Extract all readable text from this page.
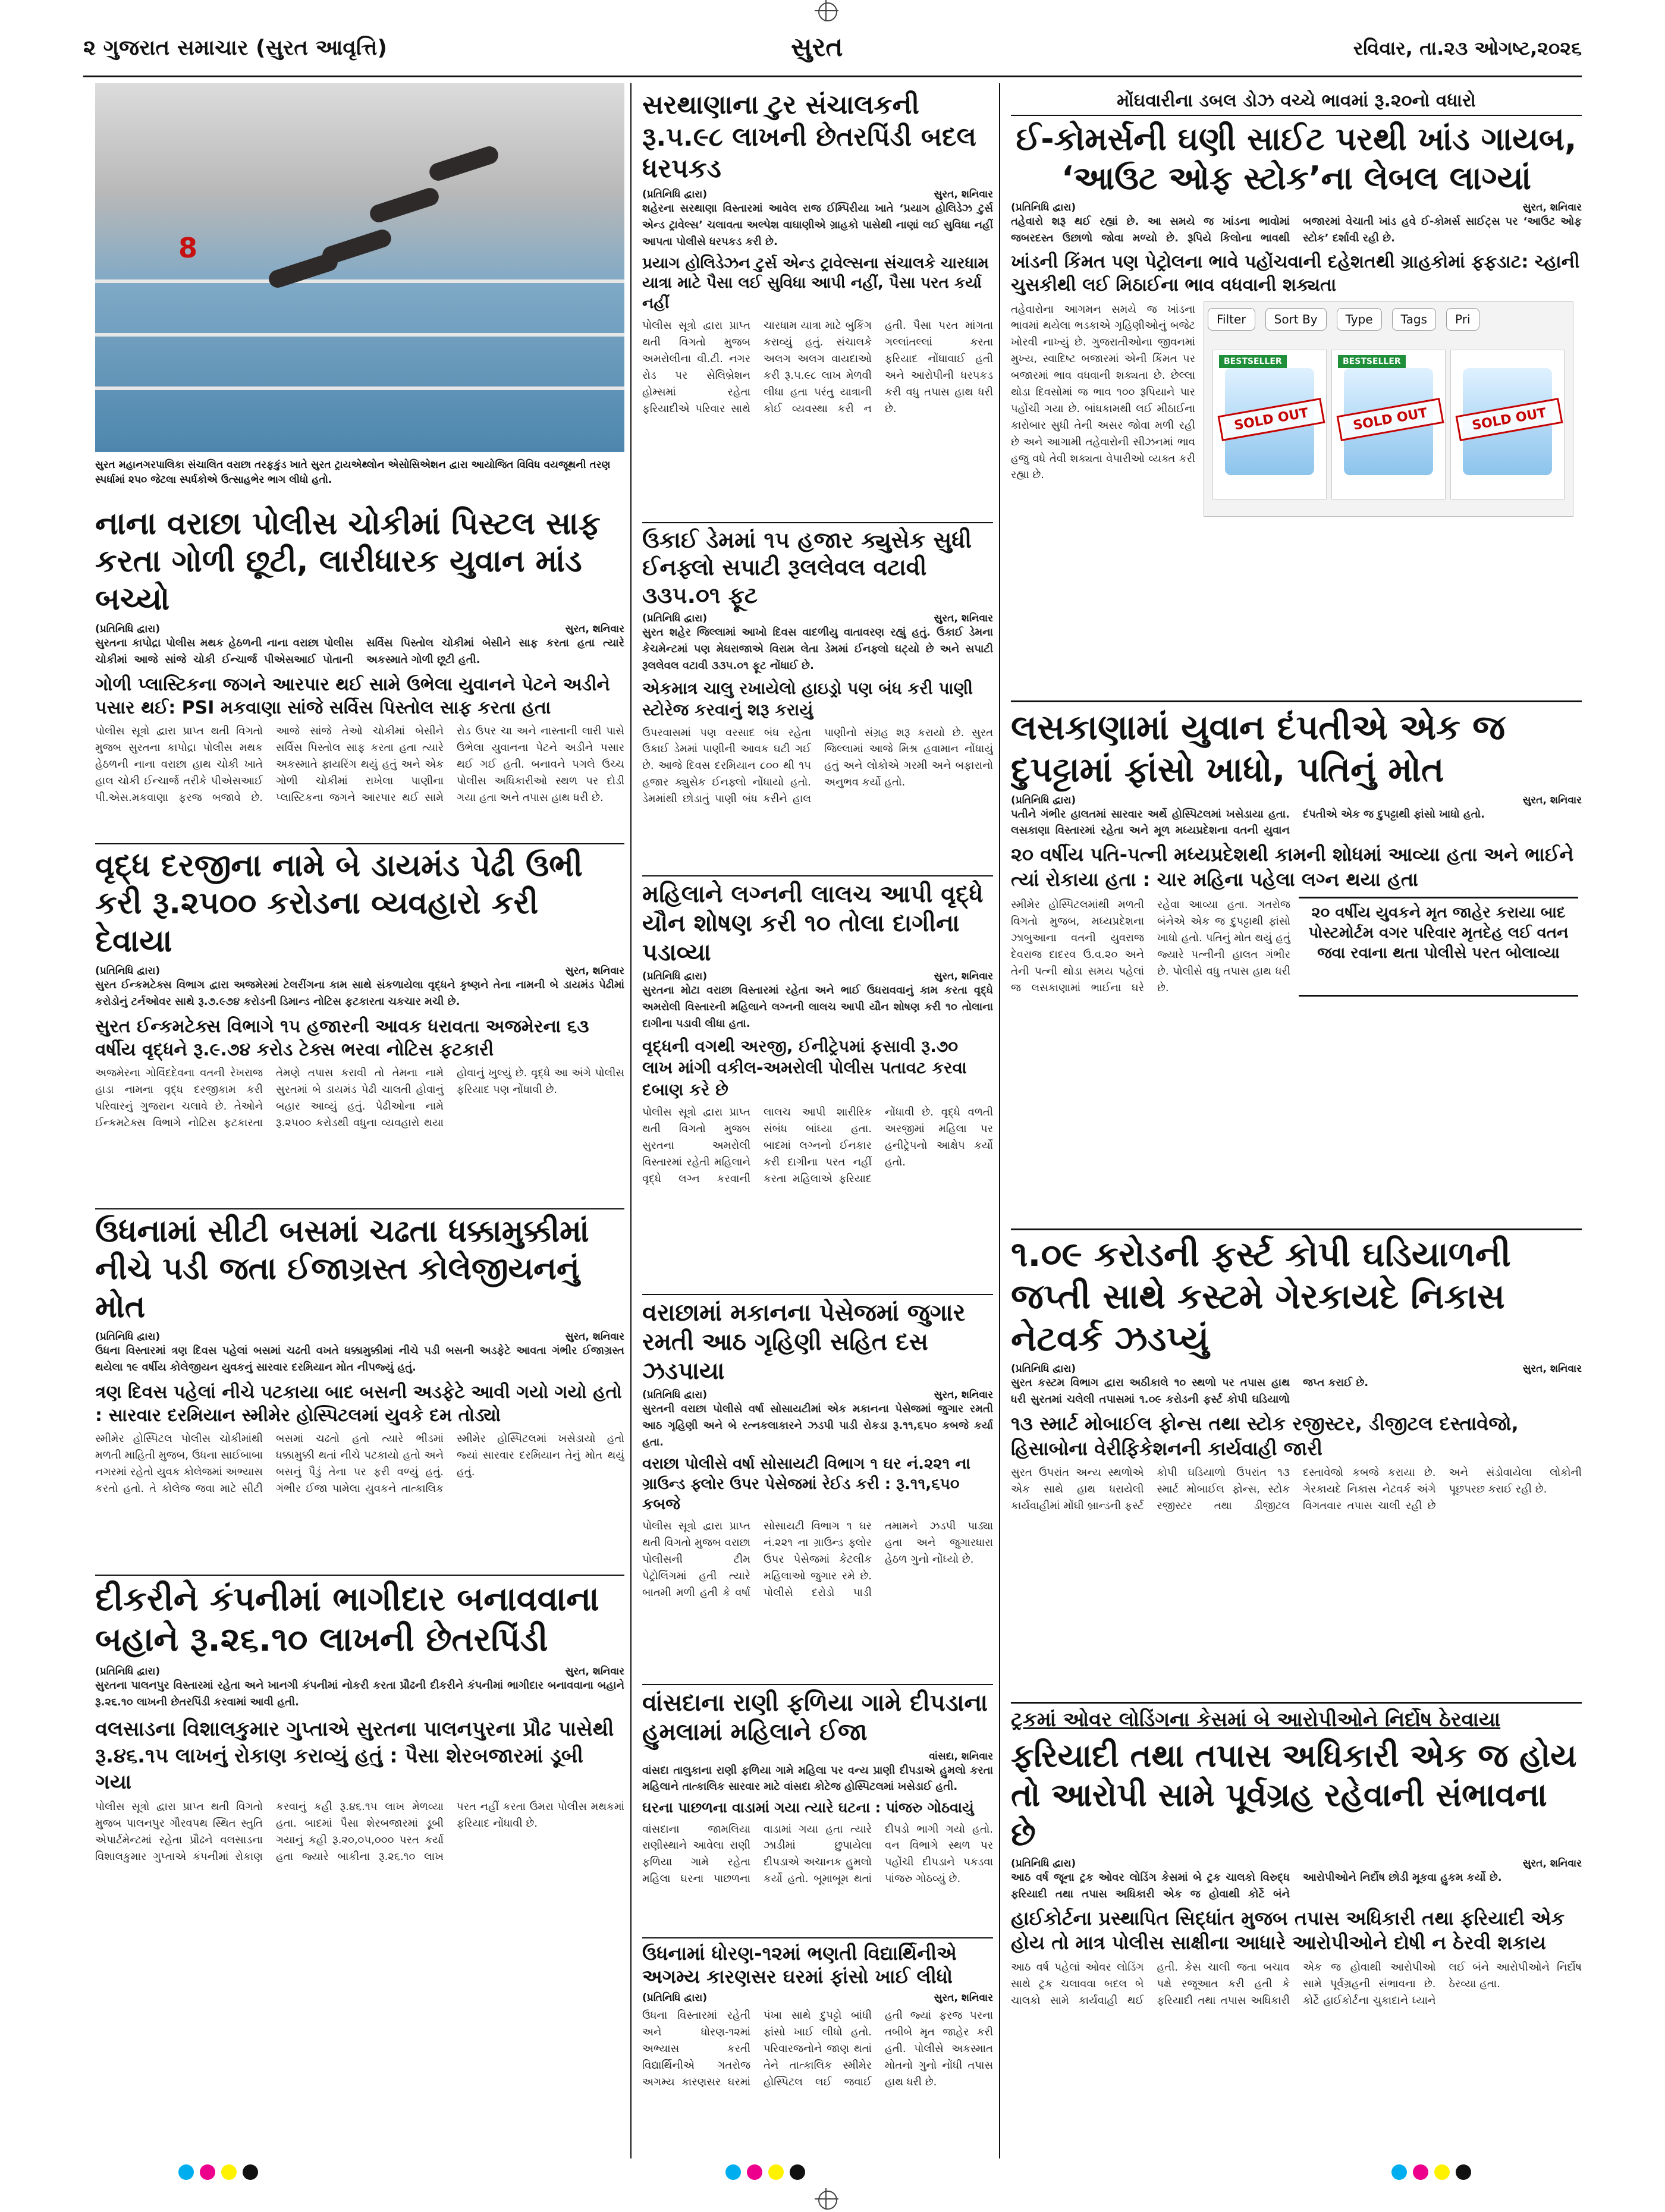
૨ ગુજરાત સમાચાર (સુરત આવૃત્તિ)	સુરત	રવિવાર, તા.૨૩ ઓગષ્ટ,૨૦૨૬
8
સુરત મહાનગરપાલિકા સંચાલિત વરાછા તરફકુંડ ખાતે સુરત ટ્રાયએથ્લોન એસોસિએશન દ્વારા આયોજિત વિવિધ વયજૂથની તરણ સ્પર્ધામાં ૨૫૦ જેટલા સ્પર્ધકોએ ઉત્સાહભેર ભાગ લીધો હતો.
નાના વરાછા પોલીસ ચોકીમાં પિસ્ટલ સાફ કરતા ગોળી છૂટી, લારીધારક યુવાન માંડ બચ્યો
(પ્રતિનિધિ દ્વારા)	સુરત, શનિવાર
સુરતના કાપોદ્રા પોલીસ મથક હેઠળની નાના વરાછા પોલીસ ચોકીમાં આજે સાંજે ચોકી ઈન્ચાર્જ પીએસઆઈ પોતાની સર્વિસ પિસ્તોલ ચોકીમાં બેસીને સાફ કરતા હતા ત્યારે અકસ્માતે ગોળી છૂટી હતી.
ગોળી પ્લાસ્ટિકના જગને આરપાર થઈ સામે ઉભેલા યુવાનને પેટને અડીને પસાર થઈ: PSI મકવાણા સાંજે સર્વિસ પિસ્તોલ સાફ કરતા હતા
પોલીસ સૂત્રો દ્વારા પ્રાપ્ત થતી વિગતો મુજબ સુરતના કાપોદ્રા પોલીસ મથક હેઠળની નાના વરાછા હાથ ચોકી ખાતે હાલ ચોકી ઈન્ચાર્જ તરીકે પીએસઆઈ પી.એસ.મકવાણા ફરજ બજાવે છે. આજે સાંજે તેઓ ચોકીમાં બેસીને સર્વિસ પિસ્તોલ સાફ કરતા હતા ત્યારે અકસ્માતે ફાયરિંગ થયું હતું અને એક ગોળી ચોકીમાં રાખેલા પાણીના પ્લાસ્ટિકના જગને આરપાર થઈ સામે રોડ ઉપર ચા અને નાસ્તાની લારી પાસે ઉભેલા યુવાનના પેટને અડીને પસાર થઈ ગઈ હતી. બનાવને પગલે ઉચ્ચ પોલીસ અધિકારીઓ સ્થળ પર દોડી ગયા હતા અને તપાસ હાથ ધરી છે.
વૃદ્ધ દરજીના નામે બે ડાયમંડ પેઢી ઉભી કરી રૂ.૨૫૦૦ કરોડના વ્યવહારો કરી દેવાયા
(પ્રતિનિધિ દ્વારા)	સુરત, શનિવાર
સુરત ઈન્કમટેક્સ વિભાગ દ્વારા અજમેરમાં ટેલરીંગના કામ સાથે સંકળાયેલા વૃદ્ધને કૃષ્ણને તેના નામની બે ડાયમંડ પેઢીમાં કરોડોનું ટર્નઓવર સાથે રૂ.૭.૯૭૪ કરોડની ડિમાન્ડ નોટિસ ફટકારતા ચકચાર મચી છે.
સુરત ઈન્કમટેક્સ વિભાગે ૧૫ હજારની આવક ધરાવતા અજમેરના ૬૩ વર્ષીય વૃદ્ધને રૂ.૯.૭૪ કરોડ ટેક્સ ભરવા નોટિસ ફટકારી
અજમેરના ગોવિંદદેવના વતની રેખરાજ હાડા નામના વૃદ્ધ દરજીકામ કરી પરિવારનું ગુજરાન ચલાવે છે. તેઓને ઈન્કમટેક્સ વિભાગે નોટિસ ફટકારતા તેમણે તપાસ કરાવી તો તેમના નામે સુરતમાં બે ડાયમંડ પેઢી ચાલતી હોવાનું બહાર આવ્યું હતું. પેઢીઓના નામે રૂ.૨૫૦૦ કરોડથી વધુના વ્યવહારો થયા હોવાનું ખુલ્યું છે. વૃદ્ધે આ અંગે પોલીસ ફરિયાદ પણ નોંધાવી છે.
ઉધનામાં સીટી બસમાં ચઢતા ધક્કામુક્કીમાં નીચે પડી જતા ઈજાગ્રસ્ત કોલેજીયનનું મોત
(પ્રતિનિધિ દ્વારા)	સુરત, શનિવાર
ઉધના વિસ્તારમાં ત્રણ દિવસ પહેલાં બસમાં ચઢતી વખતે ધક્કામુક્કીમાં નીચે પડી બસની અડફેટે આવતા ગંભીર ઈજાગ્રસ્ત થયેલા ૧૯ વર્ષીય કોલેજીયન યુવકનું સારવાર દરમિયાન મોત નીપજ્યું હતું.
ત્રણ દિવસ પહેલાં નીચે પટકાયા બાદ બસની અડફેટે આવી ગયો ગયો હતો : સારવાર દરમિયાન સ્મીમેર હોસ્પિટલમાં યુવકે દમ તોડ્યો
સ્મીમેર હોસ્પિટલ પોલીસ ચોકીમાંથી મળતી માહિતી મુજબ, ઉધના સાઈબાબા નગરમાં રહેતો યુવક કોલેજમાં અભ્યાસ કરતો હતો. તે કોલેજ જવા માટે સીટી બસમાં ચઢતો હતો ત્યારે ભીડમાં ધક્કામુક્કી થતાં નીચે પટકાયો હતો અને બસનું પૈડું તેના પર ફરી વળ્યું હતું. ગંભીર ઈજા પામેલા યુવકને તાત્કાલિક સ્મીમેર હોસ્પિટલમાં ખસેડાયો હતો જ્યાં સારવાર દરમિયાન તેનું મોત થયું હતું.
દીકરીને કંપનીમાં ભાગીદાર બનાવવાના બહાને રૂ.૨૬.૧૦ લાખની છેતરપિંડી
(પ્રતિનિધિ દ્વારા)	સુરત, શનિવાર
સુરતના પાલનપુર વિસ્તારમાં રહેતા અને ખાનગી કંપનીમાં નોકરી કરતા પ્રૌઢની દીકરીને કંપનીમાં ભાગીદાર બનાવવાના બહાને રૂ.૨૬.૧૦ લાખની છેતરપિંડી કરવામાં આવી હતી.
વલસાડના વિશાલકુમાર ગુપ્તાએ સુરતના પાલનપુરના પ્રૌઢ પાસેથી રૂ.૪૬.૧૫ લાખનું રોકાણ કરાવ્યું હતું : પૈસા શેરબજારમાં ડૂબી ગયા
પોલીસ સૂત્રો દ્વારા પ્રાપ્ત થતી વિગતો મુજબ પાલનપુર ગૌરવપથ સ્થિત સ્તુતિ એપાર્ટમેન્ટમાં રહેતા પ્રૌઢને વલસાડના વિશાલકુમાર ગુપ્તાએ કંપનીમાં રોકાણ કરવાનું કહી રૂ.૪૬.૧૫ લાખ મેળવ્યા હતા. બાદમાં પૈસા શેરબજારમાં ડૂબી ગયાનું કહી રૂ.૨૦,૦૫,૦૦૦ પરત કર્યા હતા જ્યારે બાકીના રૂ.૨૬.૧૦ લાખ પરત નહીં કરતા ઉમરા પોલીસ મથકમાં ફરિયાદ નોંધાવી છે.
સરથાણાના ટુર સંચાલકની રૂ.૫.૯૮ લાખની છેતરપિંડી બદલ ધરપકડ
(પ્રતિનિધિ દ્વારા)	સુરત, શનિવાર
શહેરના સરથાણા વિસ્તારમાં આવેલ રાજ ઈમ્પિરીયા ખાતે ‘પ્રયાગ હોલિડેઝ ટુર્સ એન્ડ ટ્રાવેલ્સ’ ચલાવતા અલ્પેશ વાઘાણીએ ગ્રાહકો પાસેથી નાણાં લઈ સુવિધા નહીં આપતા પોલીસે ધરપકડ કરી છે.
પ્રયાગ હોલિડેઝન ટુર્સ એન્ડ ટ્રાવેલ્સના સંચાલકે ચારધામ યાત્રા માટે પૈસા લઈ સુવિધા આપી નહીં, પૈસા પરત કર્યા નહીં
પોલીસ સૂત્રો દ્વારા પ્રાપ્ત થતી વિગતો મુજબ અમરોલીના વી.ટી. નગર રોડ પર સેલિબ્રેશન હોમ્સમાં રહેતા ફરિયાદીએ પરિવાર સાથે ચારધામ યાત્રા માટે બુકિંગ કરાવ્યું હતું. સંચાલકે અલગ અલગ વાયદાઓ કરી રૂ.૫.૯૮ લાખ મેળવી લીધા હતા પરંતુ યાત્રાની કોઈ વ્યવસ્થા કરી ન હતી. પૈસા પરત માંગતા ગલ્લાંતલ્લાં કરતા ફરિયાદ નોંધાવાઈ હતી અને આરોપીની ધરપકડ કરી વધુ તપાસ હાથ ધરી છે.
ઉકાઈ ડેમમાં ૧૫ હજાર ક્યુસેક સુધી ઈનફ્લો સપાટી રૂલલેવલ વટાવી ૩૩૫.૦૧ ફૂટ
(પ્રતિનિધિ દ્વારા)	સુરત, શનિવાર
સુરત શહેર જિલ્લામાં આખો દિવસ વાદળીયુ વાતાવરણ રહ્યું હતું. ઉકાઈ ડેમના કેચમેન્ટમાં પણ મેઘરાજાએ વિરામ લેતા ડેમમાં ઈનફ્લો ઘટ્યો છે અને સપાટી રૂલલેવલ વટાવી ૩૩૫.૦૧ ફૂટ નોંધાઈ છે.
એકમાત્ર ચાલુ રખાયેલો હાઇડ્રો પણ બંધ કરી પાણી સ્ટોરેજ કરવાનું શરૂ કરાયું
ઉપરવાસમાં પણ વરસાદ બંધ રહેતા ઉકાઈ ડેમમાં પાણીની આવક ઘટી ગઈ છે. આજે દિવસ દરમિયાન ૮૦૦ થી ૧૫ હજાર ક્યુસેક ઈનફ્લો નોંધાયો હતો. ડેમમાંથી છોડાતું પાણી બંધ કરીને હાલ પાણીનો સંગ્રહ શરૂ કરાયો છે. સુરત જિલ્લામાં આજે મિશ્ર હવામાન નોંધાયું હતું અને લોકોએ ગરમી અને બફારાનો અનુભવ કર્યો હતો.
મહિલાને લગ્નની લાલચ આપી વૃદ્ધે યૌન શોષણ કરી ૧૦ તોલા દાગીના પડાવ્યા
(પ્રતિનિધિ દ્વારા)	સુરત, શનિવાર
સુરતના મોટા વરાછા વિસ્તારમાં રહેતા અને ભાઈ ઉધરાવવાનું કામ કરતા વૃદ્ધે અમરોલી વિસ્તારની મહિલાને લગ્નની લાલચ આપી યૌન શોષણ કરી ૧૦ તોલાના દાગીના પડાવી લીધા હતા.
વૃદ્ધની વગથી અરજી, ઈનીટ્રેપમાં ફસાવી રૂ.૭૦ લાખ માંગી વકીલ-અમરોલી પોલીસ પતાવટ કરવા દબાણ કરે છે
પોલીસ સૂત્રો દ્વારા પ્રાપ્ત થતી વિગતો મુજબ સુરતના અમરોલી વિસ્તારમાં રહેતી મહિલાને વૃદ્ધે લગ્ન કરવાની લાલચ આપી શારીરિક સંબંધ બાંધ્યા હતા. બાદમાં લગ્નનો ઈનકાર કરી દાગીના પરત નહીં કરતા મહિલાએ ફરિયાદ નોંધાવી છે. વૃદ્ધે વળતી અરજીમાં મહિલા પર હનીટ્રેપનો આક્ષેપ કર્યો હતો.
વરાછામાં મકાનના પેસેજમાં જુગાર રમતી આઠ ગૃહિણી સહિત દસ ઝડપાયા
(પ્રતિનિધિ દ્વારા)	સુરત, શનિવાર
સુરતની વરાછા પોલીસે વર્ષા સોસાયટીમાં એક મકાનના પેસેજમાં જુગાર રમતી આઠ ગૃહિણી અને બે રત્નકલાકારને ઝડપી પાડી રોકડા રૂ.૧૧,૬૫૦ કબજે કર્યા હતા.
વરાછા પોલીસે વર્ષા સોસાયટી વિભાગ ૧ ઘર નં.૨૨૧ ના ગ્રાઉન્ડ ફ્લોર ઉપર પેસેજમાં રેઈડ કરી : રૂ.૧૧,૬૫૦ કબજે
પોલીસ સૂત્રો દ્વારા પ્રાપ્ત થતી વિગતો મુજબ વરાછા પોલીસની ટીમ પેટ્રોલિંગમાં હતી ત્યારે બાતમી મળી હતી કે વર્ષા સોસાયટી વિભાગ ૧ ઘર નં.૨૨૧ ના ગ્રાઉન્ડ ફ્લોર ઉપર પેસેજમાં કેટલીક મહિલાઓ જુગાર રમે છે. પોલીસે દરોડો પાડી તમામને ઝડપી પાડ્યા હતા અને જુગારધારા હેઠળ ગુનો નોંધ્યો છે.
વાંસદાના રાણી ફળિયા ગામે દીપડાના હુમલામાં મહિલાને ઈજા
વાંસદા, શનિવાર
વાંસદા તાલુકાના રાણી ફળિયા ગામે મહિલા પર વન્ય પ્રાણી દીપડાએ હુમલો કરતા મહિલાને તાત્કાલિક સારવાર માટે વાંસદા કોટેજ હોસ્પિટલમાં ખસેડાઈ હતી.
ઘરના પાછળના વાડામાં ગયા ત્યારે ઘટના : પાંજરુ ગોઠવાયું
વાંસદાના જામલિયા રાણીસ્થાને આવેલા રાણી ફળિયા ગામે રહેતા મહિલા ઘરના પાછળના વાડામાં ગયા હતા ત્યારે ઝાડીમાં છુપાયેલા દીપડાએ અચાનક હુમલો કર્યો હતો. બૂમાબૂમ થતાં દીપડો ભાગી ગયો હતો. વન વિભાગે સ્થળ પર પહોંચી દીપડાને પકડવા પાંજરુ ગોઠવ્યું છે.
ઉધનામાં ધોરણ-૧૨માં ભણતી વિદ્યાર્થિનીએ અગમ્ય કારણસર ઘરમાં ફાંસો ખાઈ લીધો
(પ્રતિનિધિ દ્વારા)	સુરત, શનિવાર
ઉધના વિસ્તારમાં રહેતી અને ધોરણ-૧૨માં અભ્યાસ કરતી વિદ્યાર્થિનીએ ગતરોજ અગમ્ય કારણસર ઘરમાં પંખા સાથે દુપટ્ટો બાંધી ફાંસો ખાઈ લીધો હતો. પરિવારજનોને જાણ થતાં તેને તાત્કાલિક સ્મીમેર હોસ્પિટલ લઈ જવાઈ હતી જ્યાં ફરજ પરના તબીબે મૃત જાહેર કરી હતી. પોલીસે અકસ્માત મોતનો ગુનો નોંધી તપાસ હાથ ધરી છે.
મોંઘવારીના ડબલ ડોઝ વચ્ચે ભાવમાં રૂ.૨૦નો વધારો
ઈ-કોમર્સની ઘણી સાઈટ પરથી ખાંડ ગાયબ, ‘આઉટ ઓફ સ્ટોક’ના લેબલ લાગ્યાં
(પ્રતિનિધિ દ્વારા)	સુરત, શનિવાર
તહેવારો શરૂ થઈ રહ્યાં છે. આ સમયે જ ખાંડના ભાવોમાં જબરદસ્ત ઉછાળો જોવા મળ્યો છે. રૂપિયે કિલોના ભાવથી બજારમાં વેચાતી ખાંડ હવે ઈ-કોમર્સ સાઈટ્સ પર ‘આઉટ ઓફ સ્ટોક’ દર્શાવી રહી છે.
ખાંડની કિંમત પણ પેટ્રોલના ભાવે પહોંચવાની દહેશતથી ગ્રાહકોમાં ફફડાટ: ચ્હાની ચુસકીથી લઈ મિઠાઈના ભાવ વધવાની શક્યતા
તહેવારોના આગમન સમયે જ ખાંડના ભાવમાં થયેલા ભડકાએ ગૃહિણીઓનું બજેટ ખોરવી નાખ્યું છે. ગુજરાતીઓના જીવનમાં મુખ્ય, સ્વાદિષ્ટ બજારમાં એની કિંમત પર બજારમાં ભાવ વધવાની શક્યતા છે. છેલ્લા થોડા દિવસોમાં જ ભાવ ૧૦૦ રૂપિયાને પાર પહોંચી ગયા છે. બાંધકામથી લઈ મીઠાઈના કારોબાર સુધી તેની અસર જોવા મળી રહી છે અને આગામી તહેવારોની સીઝનમાં ભાવ હજુ વધે તેવી શક્યતા વેપારીઓ વ્યક્ત કરી રહ્યા છે.
Filter Sort By Type Tags Pri
BESTSELLER
SOLD OUT
BESTSELLER
SOLD OUT	SOLD OUT
લસકાણામાં યુવાન દંપતીએ એક જ દુપટ્ટામાં ફાંસો ખાધો, પતિનું મોત
(પ્રતિનિધિ દ્વારા)	સુરત, શનિવાર
પતીને ગંભીર હાલતમાં સારવાર અર્થે હોસ્પિટલમાં ખસેડાયા હતા. લસકાણા વિસ્તારમાં રહેતા અને મૂળ મધ્યપ્રદેશના વતની યુવાન દંપતીએ એક જ દુપટ્ટાથી ફાંસો ખાધો હતો.
૨૦ વર્ષીય પતિ-પત્ની મધ્યપ્રદેશથી કામની શોધમાં આવ્યા હતા અને ભાઈને ત્યાં રોકાયા હતા : ચાર મહિના પહેલા લગ્ન થયા હતા
સ્મીમેર હોસ્પિટલમાંથી મળતી વિગતો મુજબ, મધ્યપ્રદેશના ઝાબુઆના વતની યુવરાજ દેવરાજ દાદરવ ઉ.વ.૨૦ અને તેની પત્ની થોડા સમય પહેલાં જ લસકાણામાં ભાઈના ઘરે રહેવા આવ્યા હતા. ગતરોજ બંનેએ એક જ દુપટ્ટાથી ફાંસો ખાધો હતો. પતિનું મોત થયું હતું જ્યારે પત્નીની હાલત ગંભીર છે. પોલીસે વધુ તપાસ હાથ ધરી છે.
૨૦ વર્ષીય યુવકને મૃત જાહેર કરાયા બાદ પોસ્ટમોર્ટમ વગર પરિવાર મૃતદેહ લઈ વતન જવા રવાના થતા પોલીસે પરત બોલાવ્યા
૧.૦૯ કરોડની ફર્સ્ટ કોપી ઘડિયાળની જપ્તી સાથે કસ્ટમે ગેરકાયદે નિકાસ નેટવર્ક ઝડપ્યું
(પ્રતિનિધિ દ્વારા)	સુરત, શનિવાર
સુરત કસ્ટમ વિભાગ દ્વારા અઠીકાલે ૧૦ સ્થળો પર તપાસ હાથ ધરી સુરતમાં ચલેલી તપાસમાં ૧.૦૯ કરોડની ફર્સ્ટ કોપી ઘડિયાળો જપ્ત કરાઈ છે.
૧૩ સ્માર્ટ મોબાઈલ ફોન્સ તથા સ્ટોક રજીસ્ટર, ડીજીટલ દસ્તાવેજો, હિસાબોના વેરીફિકેશનની કાર્યવાહી જારી
સુરત ઉપરાંત અન્ય સ્થળોએ એક સાથે હાથ ધરાયેલી કાર્યવાહીમાં મોંઘી બ્રાન્ડની ફર્સ્ટ કોપી ઘડિયાળો ઉપરાંત ૧૩ સ્માર્ટ મોબાઈલ ફોન્સ, સ્ટોક રજીસ્ટર તથા ડીજીટલ દસ્તાવેજો કબજે કરાયા છે. ગેરકાયદે નિકાસ નેટવર્ક અંગે વિગતવાર તપાસ ચાલી રહી છે અને સંડોવાયેલા લોકોની પૂછપરછ કરાઈ રહી છે.
ટ્રકમાં ઓવર લોડિંગના કેસમાં બે આરોપીઓને નિર્દોષ ઠેરવાયા
ફરિયાદી તથા તપાસ અધિકારી એક જ હોય તો આરોપી સામે પૂર્વગ્રહ રહેવાની સંભાવના છે
(પ્રતિનિધિ દ્વારા)	સુરત, શનિવાર
આઠ વર્ષ જૂના ટ્રક ઓવર લોડિંગ કેસમાં બે ટ્રક ચાલકો વિરુદ્ધ ફરિયાદી તથા તપાસ અધિકારી એક જ હોવાથી કોર્ટે બંને આરોપીઓને નિર્દોષ છોડી મૂકવા હુકમ કર્યો છે.
હાઈકોર્ટના પ્રસ્થાપિત સિદ્ધાંત મુજબ તપાસ અધિકારી તથા ફરિયાદી એક હોય તો માત્ર પોલીસ સાક્ષીના આધારે આરોપીઓને દોષી ન ઠેરવી શકાય
આઠ વર્ષ પહેલાં ઓવર લોડિંગ સાથે ટ્રક ચલાવવા બદલ બે ચાલકો સામે કાર્યવાહી થઈ હતી. કેસ ચાલી જતા બચાવ પક્ષે રજૂઆત કરી હતી કે ફરિયાદી તથા તપાસ અધિકારી એક જ હોવાથી આરોપીઓ સામે પૂર્વગ્રહની સંભાવના છે. કોર્ટે હાઈકોર્ટના ચુકાદાને ધ્યાને લઈ બંને આરોપીઓને નિર્દોષ ઠેરવ્યા હતા.
